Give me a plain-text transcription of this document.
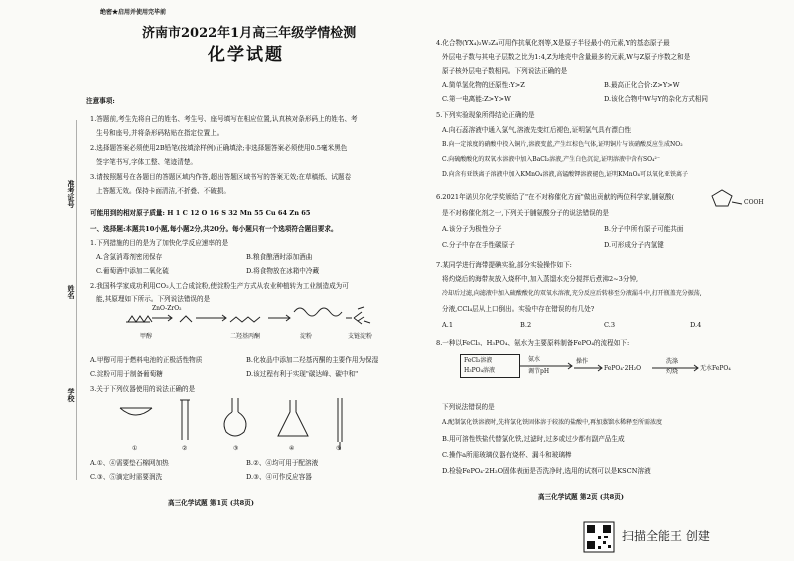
绝密★启用并使用完毕前
济南市2022年1月高三年级学情检测
化学试题
准考证号
姓名
学校
注意事项:
1.答题前,考生先将自己的姓名、考生号、座号填写在相应位置,认真核对条形码上的姓名、考
生号和座号,并将条形码粘贴在指定位置上。
2.选择题答案必须使用2B铅笔(按填涂样例)正确填涂;非选择题答案必须使用0.5毫米黑色
签字笔书写,字体工整、笔迹清楚。
3.请按照题号在各题目的答题区域内作答,超出答题区域书写的答案无效;在草稿纸、试题卷
上答题无效。保持卡面清洁,不折叠、不破损。
可能用到的相对原子质量: H 1 C 12 O 16 S 32 Mn 55 Cu 64 Zn 65
一、选择题:本题共10小题,每小题2分,共20分。每小题只有一个选项符合题目要求。
1.下列措施的目的是为了加快化学反应速率的是
A.含氯消毒剂密闭保存	B.粮食酿酒时添加酒曲
C.葡萄酒中添加二氧化硫	D.将食物放在冰箱中冷藏
2.我国科学家成功利用CO₂人工合成淀粉,使淀粉生产方式从农业种植转为工业制造成为可
能,其原理如下所示。下列说法错误的是
ZnO-ZrO₂
甲醇	二羟基丙酮	淀粉	支链淀粉
A.甲醇可用于燃料电池的正极活性物质	B.化妆品中添加二羟基丙酮的主要作用为保湿
C.淀粉可用于制备葡萄糖	D.该过程有利于实现"碳达峰、碳中和"
3.关于下列仪器使用的说法正确的是
①	②	③	④	⑤
A.①、④需要垫石棉网加热	B.②、④均可用于配溶液
C.③、⑤滴定时需要润洗	D.③、④可作反应容器
高三化学试题 第1页 (共8页)
4.化合物(YX₄)₂W₂Z₄可用作抗氧化剂等,X是原子半径最小的元素,Y的基态原子最
外层电子数与其电子层数之比为1:4,Z为地壳中含量最多的元素,W与Z原子序数之和是
原子核外层电子数相同。下列说法正确的是
A.简单氢化物的还原性:Y>Z	B.最高正化合价:Z>Y>W
C.第一电离能:Z>Y>W	D.该化合物中W与Y的杂化方式相同
5.下列实验现象所得结论正确的是
A.向石蕊溶液中通入氯气,溶液先变红后褪色,证明氯气具有漂白性
B.向一定浓度的硝酸中投入铜片,溶液变蓝,产生红棕色气体,证明铜片与该硝酸反应生成NO₂
C.向硫酸酸化的双氧水溶液中加入BaCl₂溶液,产生白色沉淀,证明溶液中含有SO₄²⁻
D.向含有亚铁离子溶液中加入KMnO₄溶液,高锰酸钾溶液褪色,证明KMnO₄可以氧化亚铁离子
6.2021年诺贝尔化学奖颁给了"在不对称催化方面"做出贡献的两位科学家,脯氨酸(
COOH
是不对称催化剂之一,下列关于脯氨酸分子的说法错误的是
A.该分子为极性分子	B.分子中所有原子可能共面
C.分子中存在手性碳原子	D.可形成分子内氢键
7.某同学进行海带提碘实验,部分实验操作如下:
将灼烧后的海带灰放入烧杯中,加入蒸馏水充分搅拌后煮沸2~3分钟,
冷却后过滤,向滤液中加入硫酸酸化的双氧水溶液,充分反应后转移至分液漏斗中,打开瓶盖充分振荡,
分液,CCl₄层从上口倒出。实验中存在错误的有几处?
A.1	B.2	C.3	D.4
8.一种以FeCl₃、H₃PO₄、氨水为主要原料制备FePO₄的流程如下:
FeCl₃溶液
H₃PO₄溶液
氨水
调节pH
操作
FePO₄·2H₂O
洗涤
灼烧	无水FePO₄
下列说法错误的是
A.配制氯化铁溶液时,先将氯化铁固体溶于较浓的盐酸中,再加蒸馏水稀释至所需浓度
B.用可溶性铁盐代替氯化铁,过滤时,过多或过少都有副产品生成
C.操作a所需玻璃仪器有烧杯、漏斗和玻璃棒
D.检验FePO₄·2H₂O固体表面是否洗净时,选用的试剂可以是KSCN溶液
高三化学试题 第2页 (共8页)
扫描全能王 创建
